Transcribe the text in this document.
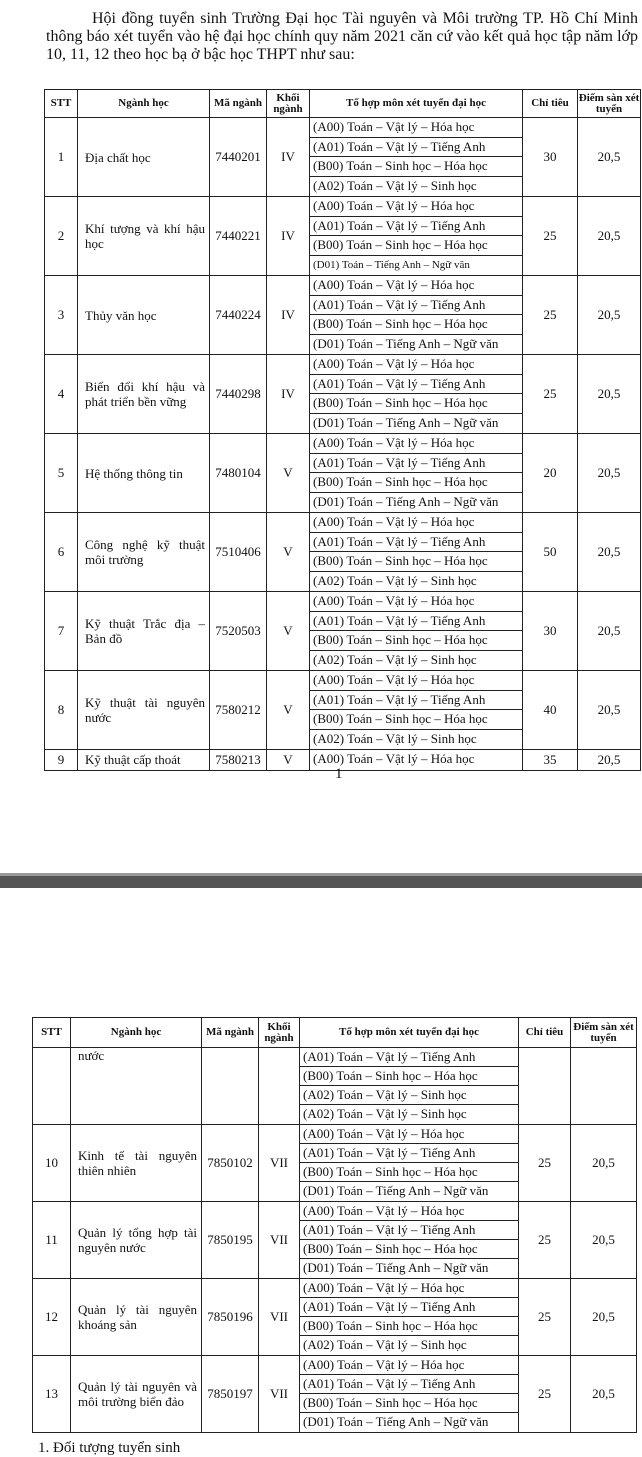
Hội đồng tuyển sinh Trường Đại học Tài nguyên và Môi trường TP. Hồ Chí Minh thông báo xét tuyển vào hệ đại học chính quy năm 2021 căn cứ vào kết quả học tập năm lớp 10, 11, 12 theo học bạ ở bậc học THPT như sau:

STT	Ngành học	Mã ngành	Khối ngành	Tổ hợp môn xét tuyển đại học	Chỉ tiêu	Điểm sàn xét tuyển
1	Địa chất học	7440201	IV	(A00) Toán – Vật lý – Hóa học
(A01) Toán – Vật lý – Tiếng Anh
(B00) Toán – Sinh học – Hóa học
(A02) Toán – Vật lý – Sinh học	30	20,5
2	Khí tượng và khí hậu học	7440221	IV	(A00) Toán – Vật lý – Hóa học
(A01) Toán – Vật lý – Tiếng Anh
(B00) Toán – Sinh học – Hóa học
(D01) Toán – Tiếng Anh – Ngữ văn	25	20,5
3	Thủy văn học	7440224	IV	(A00) Toán – Vật lý – Hóa học
(A01) Toán – Vật lý – Tiếng Anh
(B00) Toán – Sinh học – Hóa học
(D01) Toán – Tiếng Anh – Ngữ văn	25	20,5
4	Biến đổi khí hậu và phát triển bền vững	7440298	IV	(A00) Toán – Vật lý – Hóa học
(A01) Toán – Vật lý – Tiếng Anh
(B00) Toán – Sinh học – Hóa học
(D01) Toán – Tiếng Anh – Ngữ văn	25	20,5
5	Hệ thống thông tin	7480104	V	(A00) Toán – Vật lý – Hóa học
(A01) Toán – Vật lý – Tiếng Anh
(B00) Toán – Sinh học – Hóa học
(D01) Toán – Tiếng Anh – Ngữ văn	20	20,5
6	Công nghệ kỹ thuật môi trường	7510406	V	(A00) Toán – Vật lý – Hóa học
(A01) Toán – Vật lý – Tiếng Anh
(B00) Toán – Sinh học – Hóa học
(A02) Toán – Vật lý – Sinh học	50	20,5
7	Kỹ thuật Trắc địa – Bản đồ	7520503	V	(A00) Toán – Vật lý – Hóa học
(A01) Toán – Vật lý – Tiếng Anh
(B00) Toán – Sinh học – Hóa học
(A02) Toán – Vật lý – Sinh học	30	20,5
8	Kỹ thuật tài nguyên nước	7580212	V	(A00) Toán – Vật lý – Hóa học
(A01) Toán – Vật lý – Tiếng Anh
(B00) Toán – Sinh học – Hóa học
(A02) Toán – Vật lý – Sinh học	40	20,5
9	Kỹ thuật cấp thoát	7580213	V	(A00) Toán – Vật lý – Hóa học	35	20,5
1
STT	Ngành học	Mã ngành	Khối ngành	Tổ hợp môn xét tuyển đại học	Chỉ tiêu	Điểm sàn xét tuyển
	nước			(A01) Toán – Vật lý – Tiếng Anh
(B00) Toán – Sinh học – Hóa học
(A02) Toán – Vật lý – Sinh học
(A02) Toán – Vật lý – Sinh học		

10	Kinh tế tài nguyên thiên nhiên	7850102	VII	(A00) Toán – Vật lý – Hóa học
(A01) Toán – Vật lý – Tiếng Anh
(B00) Toán – Sinh học – Hóa học
(D01) Toán – Tiếng Anh – Ngữ văn	25	20,5
11	Quản lý tổng hợp tài nguyên nước	7850195	VII	(A00) Toán – Vật lý – Hóa học
(A01) Toán – Vật lý – Tiếng Anh
(B00) Toán – Sinh học – Hóa học
(D01) Toán – Tiếng Anh – Ngữ văn	25	20,5
12	Quản lý tài nguyên khoáng sản	7850196	VII	(A00) Toán – Vật lý – Hóa học
(A01) Toán – Vật lý – Tiếng Anh
(B00) Toán – Sinh học – Hóa học
(A02) Toán – Vật lý – Sinh học	25	20,5
13	Quản lý tài nguyên và môi trường biển đảo	7850197	VII	(A00) Toán – Vật lý – Hóa học
(A01) Toán – Vật lý – Tiếng Anh
(B00) Toán – Sinh học – Hóa học
(D01) Toán – Tiếng Anh – Ngữ văn	25	20,5
1. Đối tượng tuyển sinh
